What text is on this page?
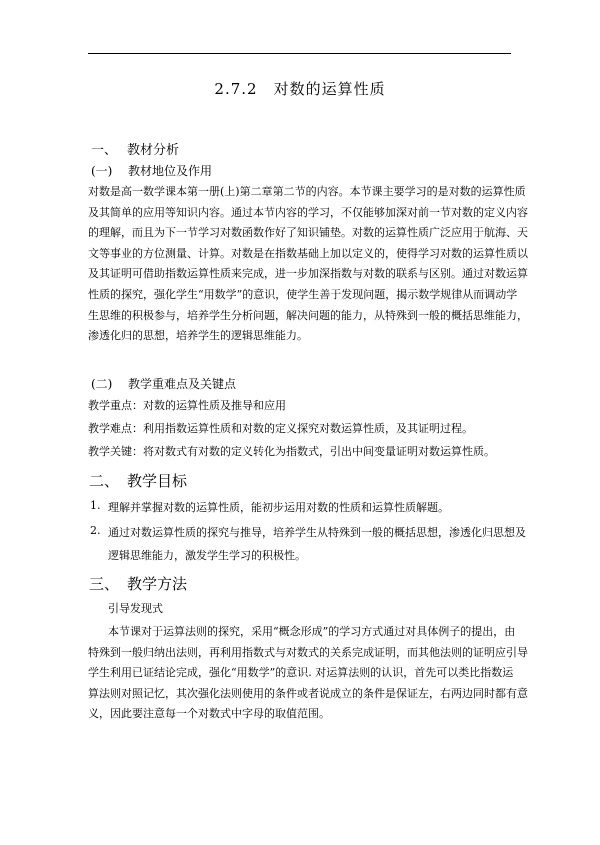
2.7.2　对数的运算性质
一、 教材分析
(一) 教材地位及作用
对数是高一数学课本第一册(上)第二章第二节的内容。本节课主要学习的是对数的运算性质
及其简单的应用等知识内容。通过本节内容的学习，不仅能够加深对前一节对数的定义内容
的理解，而且为下一节学习对数函数作好了知识铺垫。对数的运算性质广泛应用于航海、天
文等事业的方位测量、计算。对数是在指数基础上加以定义的，使得学习对数的运算性质以
及其证明可借助指数运算性质来完成，进一步加深指数与对数的联系与区别。通过对数运算
性质的探究，强化学生“用数学”的意识，使学生善于发现问题，揭示数学规律从而调动学
生思维的积极参与，培养学生分析问题，解决问题的能力，从特殊到一般的概括思维能力，
渗透化归的思想，培养学生的逻辑思维能力。
(二) 教学重难点及关键点
教学重点：对数的运算性质及推导和应用
教学难点：利用指数运算性质和对数的定义探究对数运算性质，及其证明过程。
教学关键：将对数式有对数的定义转化为指数式，引出中间变量证明对数运算性质。
二、 教学目标
1. 理解并掌握对数的运算性质，能初步运用对数的性质和运算性质解题。
2. 通过对数运算性质的探究与推导，培养学生从特殊到一般的概括思想，渗透化归思想及
逻辑思维能力，激发学生学习的积极性。
三、 教学方法
引导发现式
本节课对于运算法则的探究，采用“概念形成”的学习方式通过对具体例子的提出，由
特殊到一般归纳出法则，再利用指数式与对数式的关系完成证明，而其他法则的证明应引导
学生利用已证结论完成，强化“用数学”的意识. 对运算法则的认识，首先可以类比指数运
算法则对照记忆，其次强化法则使用的条件或者说成立的条件是保证左，右两边同时都有意
义，因此要注意每一个对数式中字母的取值范围。
